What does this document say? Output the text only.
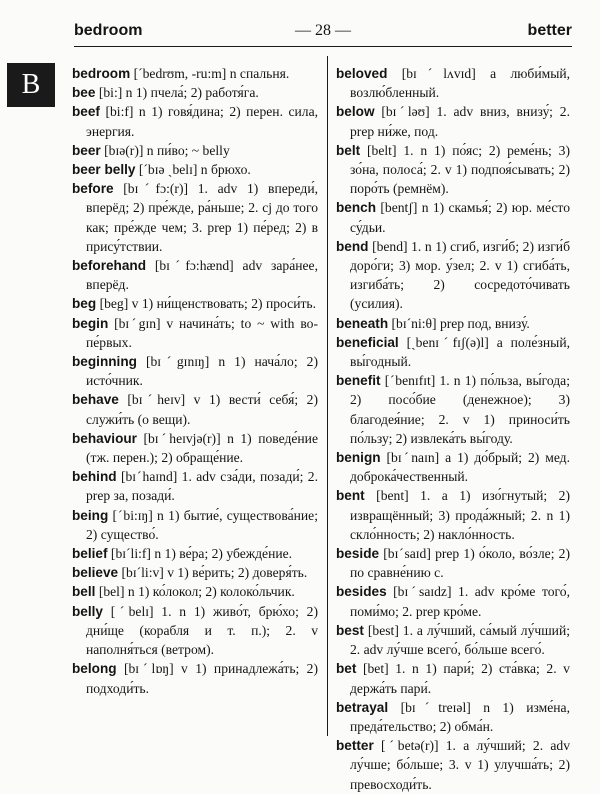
bedroom	— 28 —	better
B	bedroom [ˊbedrʊm, -ru:m] n спальня.
bee [bi:] n 1) пчела́; 2) работя́га.
beef [bi:f] n 1) говя́дина; 2) перен. сила, энергия.
beer [bɪə(r)] n пи́во; ~ belly
beer belly [ˊbɪə ˏbelɪ] n брюхо.
before [bɪˊfɔ:(r)] 1. adv 1) впереди́, вперёд; 2) пре́жде, ра́ньше; 2. cj до того как; пре́жде чем; 3. prep 1) пе́ред; 2) в прису́тствии.
beforehand [bɪˊfɔ:hænd] adv зара́нее, вперёд.
beg [beg] v 1) ни́щенствовать; 2) проси́ть.
begin [bɪˊgɪn] v начина́ть; to ~ with во-пе́рвых.
beginning [bɪˊgɪnɪŋ] n 1) нача́ло; 2) исто́чник.
behave [bɪˊheɪv] v 1) вести́ себя́; 2) служи́ть (о вещи).
behaviour [bɪˊheɪvjə(r)] n 1) поведе́ние (тж. перен.); 2) обраще́ние.
behind [bɪˊhaɪnd] 1. adv сза́ди, позади́; 2. prep за, позади́.
being [ˊbi:ɪŋ] n 1) бытие́, существова́ние; 2) существо́.
belief [bɪˊli:f] n 1) ве́ра; 2) убежде́ние.
believe [bɪˊli:v] v 1) ве́рить; 2) доверя́ть.
bell [bel] n 1) ко́локол; 2) колоко́льчик.
belly [ˊbelɪ] 1. n 1) живо́т, брю́хо; 2) дни́ще (корабля и т. п.); 2. v наполня́ться (ветром).
belong [bɪˊlɒŋ] v 1) принадлежа́ть; 2) подходи́ть.
beloved [bɪˊlʌvɪd] a люби́мый, возлю́бленный.
below [bɪˊləʊ] 1. adv вниз, внизу́; 2. prep ни́же, под.
belt [belt] 1. n 1) по́яс; 2) реме́нь; 3) зо́на, полоса́; 2. v 1) подпоя́сывать; 2) поро́ть (ремнём).
bench [bentʃ] n 1) скамья́; 2) юр. ме́сто су́дьи.
bend [bend] 1. n 1) сгиб, изги́б; 2) изги́б доро́ги; 3) мор. у́зел; 2. v 1) сгиба́ть, изгиба́ть; 2) сосредото́чивать (усилия).
beneath [bɪˊni:θ] prep под, внизу́.
beneficial [ˏbenɪˊfɪʃ(ə)l] a поле́зный, вы́годный.
benefit [ˊbenɪfɪt] 1. n 1) по́льза, вы́года; 2) посо́бие (денежное); 3) благодея́ние; 2. v 1) приноси́ть по́льзу; 2) извлека́ть вы́году.
benign [bɪˊnaɪn] a 1) до́брый; 2) мед. доброка́чественный.
bent [bent] 1. a 1) изо́гнутый; 2) извращённый; 3) прода́жный; 2. n 1) скло́нность; 2) накло́нность.
beside [bɪˊsaɪd] prep 1) о́коло, во́зле; 2) по сравне́нию с.
besides [bɪˊsaɪdz] 1. adv кро́ме того́, поми́мо; 2. prep кро́ме.
best [best] 1. a лу́чший, са́мый лу́чший; 2. adv лу́чше всего́, бо́льше всего́.
bet [bet] 1. n 1) пари́; 2) ста́вка; 2. v держа́ть пари́.
betrayal [bɪˊtreɪəl] n 1) изме́на, преда́тельство; 2) обма́н.
better [ˊbetə(r)] 1. a лу́чший; 2. adv лу́чше; бо́льше; 3. v 1) улучша́ть; 2) превосходи́ть.
